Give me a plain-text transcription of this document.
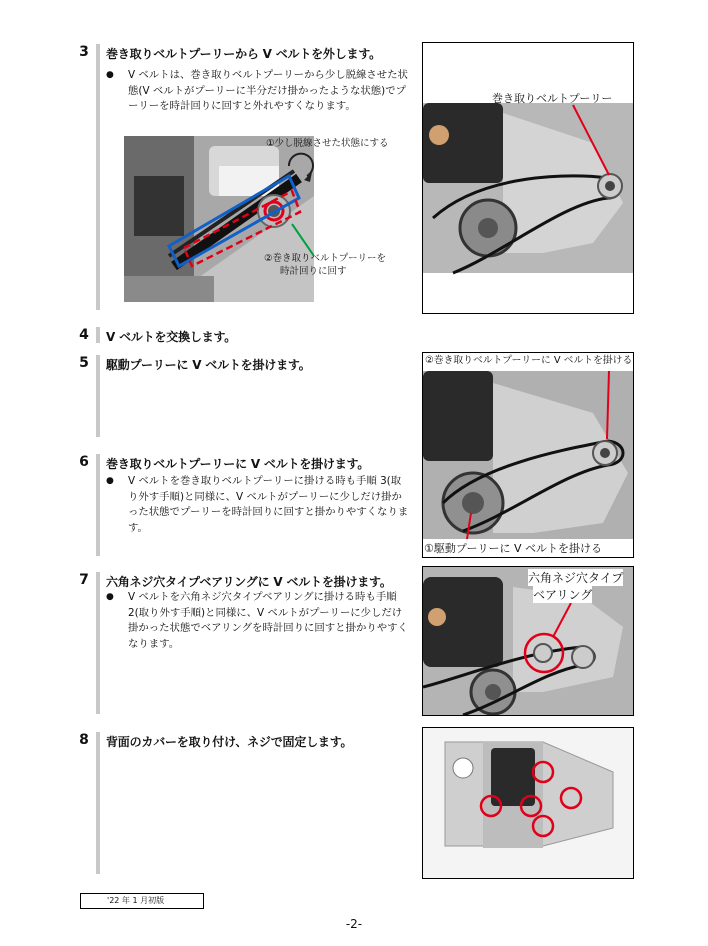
3 巻き取りベルトプーリーから V ベルトを外します。
● V ベルトは、巻き取りベルトプーリーから少し脱線させた状態(V ベルトがプーリーに半分だけ掛かったような状態)でプーリーを時計回りに回すと外れやすくなります。
①少し脱線させた状態にする
②巻き取りベルトプーリーを
時計回りに回す
巻き取りベルトプーリー
4 V ベルトを交換します。
5 駆動プーリーに V ベルトを掛けます。	②巻き取りベルトプーリーに V ベルトを掛ける
①駆動プーリーに V ベルトを掛ける
6 巻き取りベルトプーリーに V ベルトを掛けます。
● V ベルトを巻き取りベルトプーリーに掛ける時も手順 3(取り外す手順)と同様に、V ベルトがプーリーに少しだけ掛かった状態でプーリーを時計回りに回すと掛かりやすくなります。
7 六角ネジ穴タイプベアリングに V ベルトを掛けます。
● V ベルトを六角ネジ穴タイプベアリングに掛ける時も手順 2(取り外す手順)と同様に、V ベルトがプーリーに少しだけ掛かった状態でベアリングを時計回りに回すと掛かりやすくなります。
六角ネジ穴タイプ
ベアリング
8 背面のカバーを取り付け、ネジで固定します。
'22 年 1 月初版
-2-
